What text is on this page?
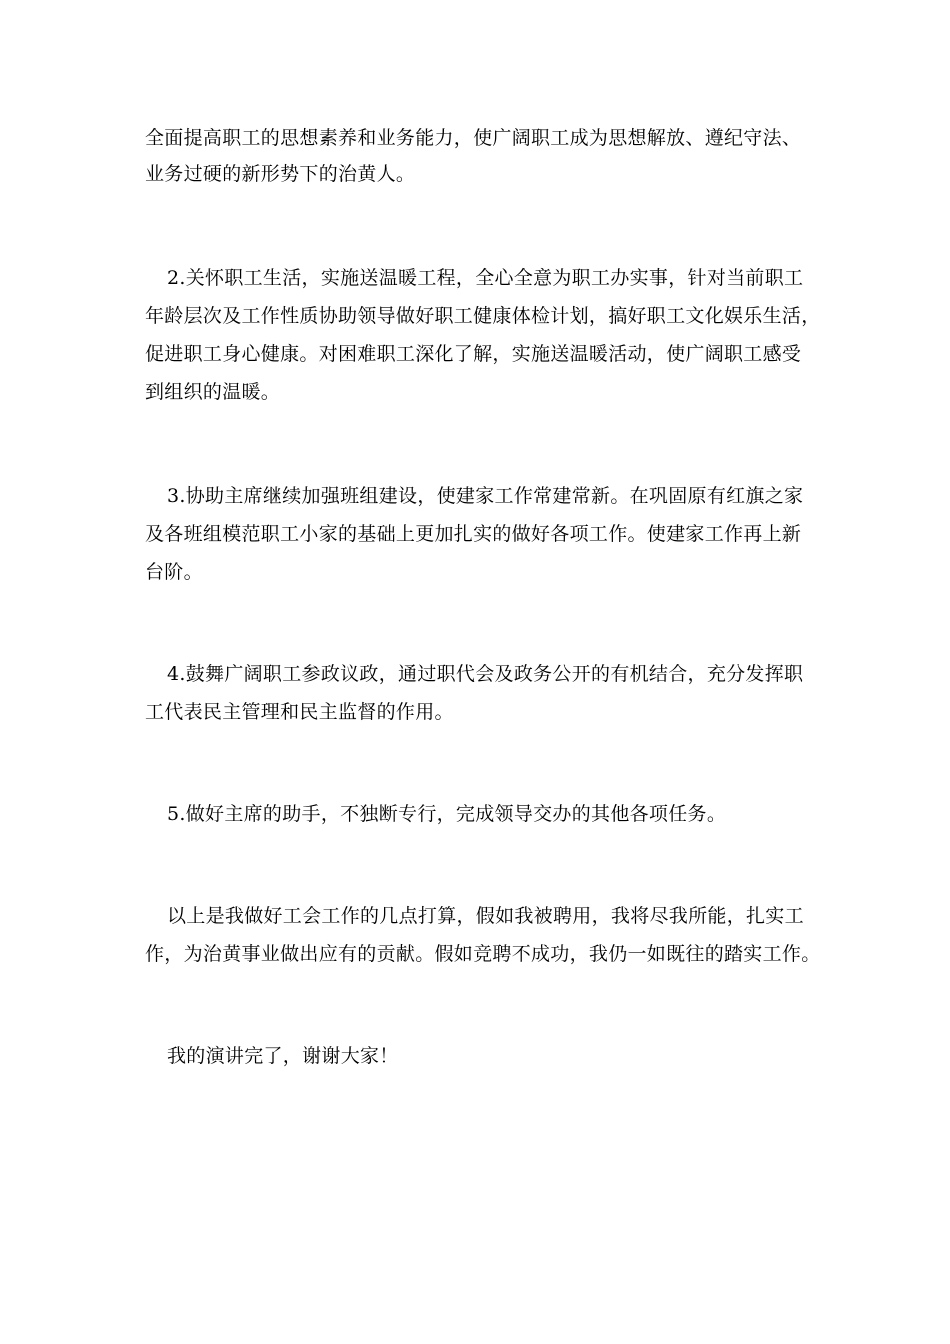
全面提高职工的思想素养和业务能力，使广阔职工成为思想解放、遵纪守法、
业务过硬的新形势下的治黄人。
2.关怀职工生活，实施送温暖工程，全心全意为职工办实事，针对当前职工
年龄层次及工作性质协助领导做好职工健康体检计划，搞好职工文化娱乐生活，
促进职工身心健康。对困难职工深化了解，实施送温暖活动，使广阔职工感受
到组织的温暖。
3.协助主席继续加强班组建设，使建家工作常建常新。在巩固原有红旗之家
及各班组模范职工小家的基础上更加扎实的做好各项工作。使建家工作再上新
台阶。
4.鼓舞广阔职工参政议政，通过职代会及政务公开的有机结合，充分发挥职
工代表民主管理和民主监督的作用。
5.做好主席的助手，不独断专行，完成领导交办的其他各项任务。
以上是我做好工会工作的几点打算，假如我被聘用，我将尽我所能，扎实工
作，为治黄事业做出应有的贡献。假如竞聘不成功，我仍一如既往的踏实工作。
我的演讲完了，谢谢大家！
